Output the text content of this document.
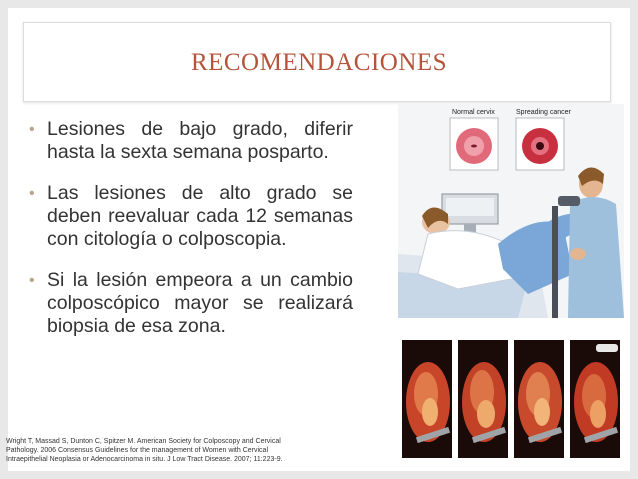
RECOMENDACIONES
• Lesiones de bajo grado, diferir hasta la sexta semana posparto.
• Las lesiones de alto grado se deben reevaluar cada 12 semanas con citología o colposcopia.
• Si la lesión empeora a un cambio colposcópico mayor se realizará biopsia de esa zona.
Wright T, Massad S, Dunton C, Spitzer M. American Society for Colposcopy and Cervical Pathology. 2006 Consensus Guidelines for the management of Women with Cervical Intraepithelial Neoplasia or Adenocarcinoma in situ. J Low Tract Disease. 2007; 11:223-9.
Normal cervix	Spreading cancer
